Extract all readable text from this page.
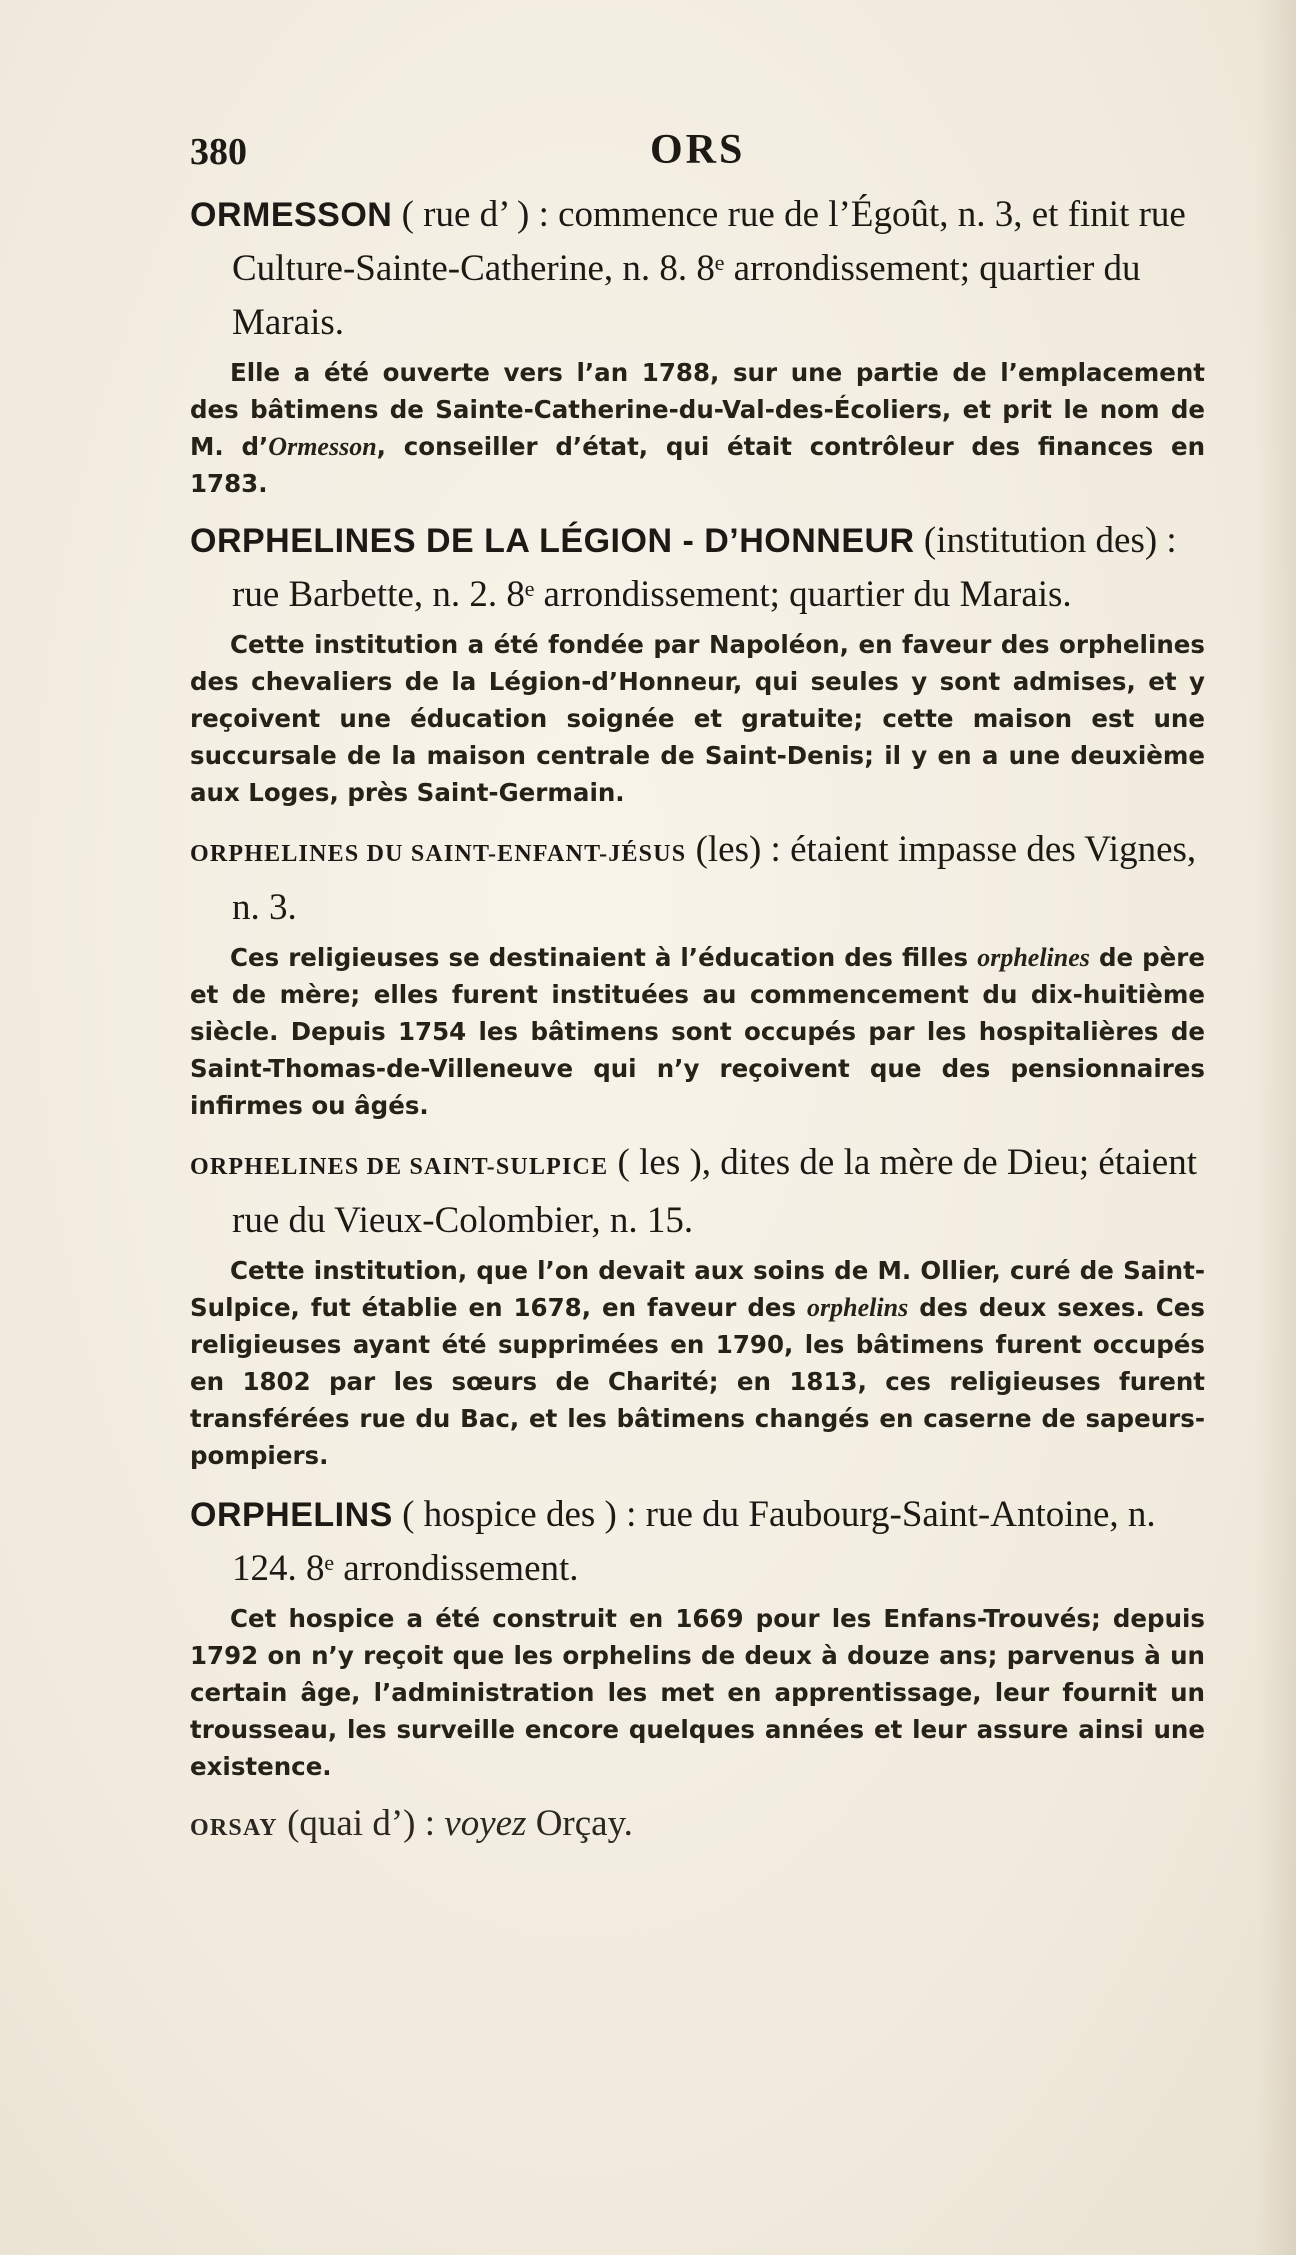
380	ORS

ORMESSON ( rue d’ ) : commence rue de l’Égoût, n. 3, et finit rue Culture-Sainte-Catherine, n. 8. 8ᵉ arrondissement; quartier du Marais.

Elle a été ouverte vers l’an 1788, sur une partie de l’emplacement des bâtimens de Sainte-Catherine-du-Val-des-Écoliers, et prit le nom de M. d’Ormesson, conseiller d’état, qui était contrôleur des finances en 1783.

ORPHELINES DE LA LÉGION - D’HONNEUR (institution des) : rue Barbette, n. 2. 8ᵉ arrondissement; quartier du Marais.

Cette institution a été fondée par Napoléon, en faveur des orphelines des chevaliers de la Légion-d’Honneur, qui seules y sont admises, et y reçoivent une éducation soignée et gratuite; cette maison est une succursale de la maison centrale de Saint-Denis; il y en a une deuxième aux Loges, près Saint-Germain.

ORPHELINES DU SAINT-ENFANT-JÉSUS (les) : étaient impasse des Vignes, n. 3.

Ces religieuses se destinaient à l’éducation des filles orphelines de père et de mère; elles furent instituées au commencement du dix-huitième siècle. Depuis 1754 les bâtimens sont occupés par les hospitalières de Saint-Thomas-de-Villeneuve qui n’y reçoivent que des pensionnaires infirmes ou âgés.

ORPHELINES DE SAINT-SULPICE ( les ), dites de la mère de Dieu; étaient rue du Vieux-Colombier, n. 15.

Cette institution, que l’on devait aux soins de M. Ollier, curé de Saint-Sulpice, fut établie en 1678, en faveur des orphelins des deux sexes. Ces religieuses ayant été supprimées en 1790, les bâtimens furent occupés en 1802 par les sœurs de Charité; en 1813, ces religieuses furent transférées rue du Bac, et les bâtimens changés en caserne de sapeurs-pompiers.

ORPHELINS ( hospice des ) : rue du Faubourg-Saint-Antoine, n. 124. 8ᵉ arrondissement.

Cet hospice a été construit en 1669 pour les Enfans-Trouvés; depuis 1792 on n’y reçoit que les orphelins de deux à douze ans; parvenus à un certain âge, l’administration les met en apprentissage, leur fournit un trousseau, les surveille encore quelques années et leur assure ainsi une existence.

ORSAY (quai d’) : voyez Orçay.
